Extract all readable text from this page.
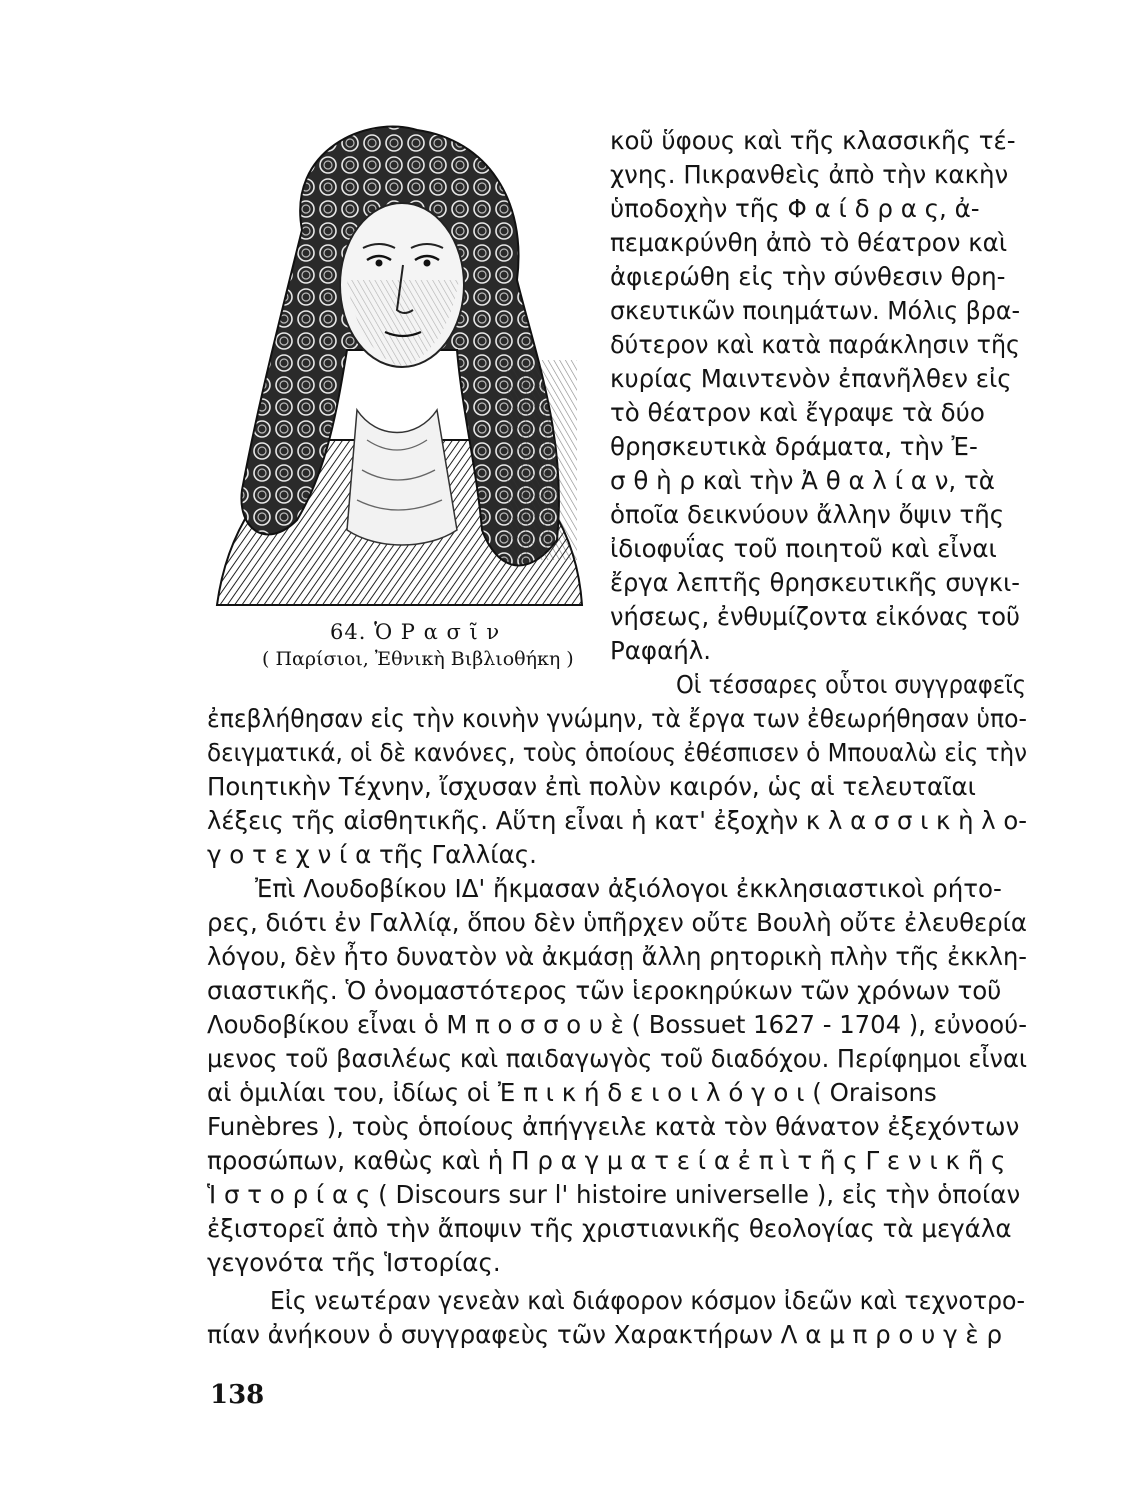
64. Ὁ Ρ α σ ῖ ν
( Παρίσιοι, Ἐθνικὴ Βιβλιοθήκη )
κοῦ ὕφους καὶ τῆς κλασσικῆς τέ-
χνης. Πικρανθεὶς ἀπὸ τὴν κακὴν
ὑποδοχὴν τῆς Φ α ί δ ρ α ς, ἀ-
πεμακρύνθη ἀπὸ τὸ θέατρον καὶ
ἀφιερώθη εἰς τὴν σύνθεσιν θρη-
σκευτικῶν ποιημάτων. Μόλις βρα-
δύτερον καὶ κατὰ παράκλησιν τῆς
κυρίας Μαιντενὸν ἐπανῆλθεν εἰς
τὸ θέατρον καὶ ἔγραψε τὰ δύο
θρησκευτικὰ δράματα, τὴν Ἐ-
σ θ ὴ ρ καὶ τὴν Ἀ θ α λ ί α ν, τὰ
ὁποῖα δεικνύουν ἄλλην ὄψιν τῆς
ἰδιοφυΐας τοῦ ποιητοῦ καὶ εἶναι
ἔργα λεπτῆς θρησκευτικῆς συγκι-
νήσεως, ἐνθυμίζοντα εἰκόνας τοῦ
Ραφαήλ.
Οἱ τέσσαρες οὗτοι συγγραφεῖς
ἐπεβλήθησαν εἰς τὴν κοινὴν γνώμην, τὰ ἔργα των ἐθεωρήθησαν ὑπο-
δειγματικά, οἱ δὲ κανόνες, τοὺς ὁποίους ἐθέσπισεν ὁ Μπουαλὼ εἰς τὴν
Ποιητικὴν Τέχνην, ἴσχυσαν ἐπὶ πολὺν καιρόν, ὡς αἱ τελευταῖαι
λέξεις τῆς αἰσθητικῆς. Αὕτη εἶναι ἡ κατ' ἐξοχὴν κ λ α σ σ ι κ ὴ λ ο-
γ ο τ ε χ ν ί α τῆς Γαλλίας.
Ἐπὶ Λουδοβίκου ΙΔ' ἤκμασαν ἀξιόλογοι ἐκκλησιαστικοὶ ρήτο-
ρες, διότι ἐν Γαλλίᾳ, ὅπου δὲν ὑπῆρχεν οὔτε Βουλὴ οὔτε ἐλευθερία
λόγου, δὲν ἦτο δυνατὸν νὰ ἀκμάσῃ ἄλλη ρητορικὴ πλὴν τῆς ἐκκλη-
σιαστικῆς. Ὁ ὀνομαστότερος τῶν ἱεροκηρύκων τῶν χρόνων τοῦ
Λουδοβίκου εἶναι ὁ Μ π ο σ σ ο υ ὲ ( Bossuet 1627 - 1704 ), εὐνοού-
μενος τοῦ βασιλέως καὶ παιδαγωγὸς τοῦ διαδόχου. Περίφημοι εἶναι
αἱ ὁμιλίαι του, ἰδίως οἱ Ἐ π ι κ ή δ ε ι ο ι λ ό γ ο ι ( Oraisons
Funèbres ), τοὺς ὁποίους ἀπήγγειλε κατὰ τὸν θάνατον ἐξεχόντων
προσώπων, καθὼς καὶ ἡ Π ρ α γ μ α τ ε ί α ἐ π ὶ τ ῆ ς Γ ε ν ι κ ῆ ς
Ἱ σ τ ο ρ ί α ς ( Discours sur l' histoire universelle ), εἰς τὴν ὁποίαν
ἐξιστορεῖ ἀπὸ τὴν ἄποψιν τῆς χριστιανικῆς θεολογίας τὰ μεγάλα
γεγονότα τῆς Ἱστορίας.
Εἰς νεωτέραν γενεὰν καὶ διάφορον κόσμον ἰδεῶν καὶ τεχνοτρο-
πίαν ἀνήκουν ὁ συγγραφεὺς τῶν Χαρακτήρων Λ α μ π ρ ο υ γ ὲ ρ
138
